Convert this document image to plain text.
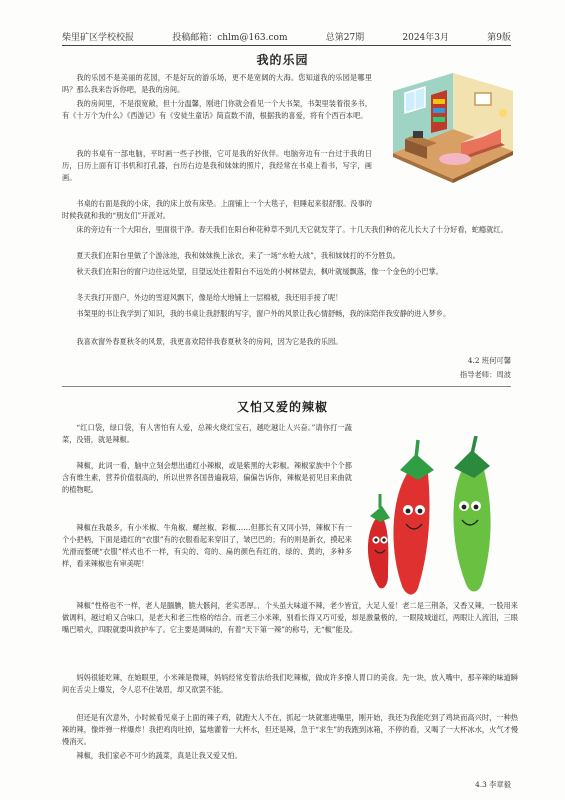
柴里矿区学校校报	投稿邮箱：chlm@163.com	总第27期	2024年3月	第9版
我的乐园
我的乐园不是美丽的花园，不是好玩的游乐场，更不是宽阔的大海。您知道我的乐园是哪里吗？那么我来告诉你吧，是我的房间。
我的房间里，不是很宽敞，但十分温馨，刚进门你就会看见一个大书架，书架里装着很多书，有《十万个为什么》《西游记》有《安徒生童话》简直数不清，根据我的喜爱，将有个西百本吧。
我的书桌有一部电脑，平时画一些子抄报，它可是我的好伙伴。电脑旁边有一台过于我的日历，日历上面有订书机和打孔器，台历右边是我和妹妹的照片，我经常在书桌上看书，写字，画画。
书桌的右面是我的小床，我的床上放有床垫。上面铺上一个大毯子，但睡起来很舒服。没事的时候我就和我的“朋友们”开派对。
床的旁边有一个大阳台，里面很干净。春天我们在阳台种花种草不到几天它就发芽了。十几天我们种的花儿长大了十分好看，蛇瘾就红。
夏天我们在阳台里做了个游泳池，我和妹妹换上泳衣，来了一场“水枪大战”，我和妹妹打的不分胜负。
秋天我们在阳台的窗户边往远处望，目望远处往着阳台不远处的小树林望去，枫叶就缓飘落，像一个金色的小巴掌。
冬天我打开窗户，外边的雪迎风飘下，像是给大地铺上一层棉被，我还用手接了呢！
书架里的书让我学到了知识，我的书桌让我舒服的写字，窗户外的风景让我心情舒畅，我的床陪伴我安静的进入梦乡。
我喜欢窗外春夏秋冬的风景，我更喜欢陪伴我春夏秋冬的房间，因为它是我的乐园。
4.2 班何可馨
指导老师：周波
又怕又爱的辣椒
“红口袋，绿口袋，有人害怕有人爱，总辣火烧红宝石，越吃越让人兴奋。”请你打一蔬菜，没错，就是辣椒。
辣椒，此词一看，脑中立刻会想出通红小辣椒，或是紫黑的大彩椒。辣椒家族中个个都含有维生素，营养价值很高的，所以世界各国普遍栽培，偏偏告诉你，辣椒是初见目来曲就的植物呢。
辣椒在我最多，有小米椒、牛角椒、螺丝椒、彩椒……但都长有又同小异，辣椒下有一个小把柄，下面是通红的“衣服”有的衣服看起来穿旧了，皱巴巴的；有的则是新衣，摸起来光滑而整硬“衣服”样式也不一样，有尖的、弯的、扁的颜色有红的、绿的、黄的，多种多样，看来辣椒也有审美呢！
辣椒”性格也不一样，老人是腼腆，脆大骸间，老实恶厚。．个头虽大味道不辣，老少皆宜，大足人爱！老二是三荆条，又香又辣，一股用来做调料，越过咱又合味口，是老大和老三性格的结合。而老三小米辣，别看长得又巧可爱，却是激量极的，一眼陵城道红，两眼让人流泪，三眼嘴巴喷火，四眼就要叫救护车了。它主要是调味的，有着“天下第一辣”的称号，无“椒”能及。
妈妈很能吃辣，在她眼里，小米辣是微辣，妈妈经常变着法给我们吃辣椒，做成许多撩人胃口的美食。先一块，放入嘴中，那辛辣的味道瞬间在舌尖上爆发，令人忍不住皱眉，却又欲罢不能。
但还是有次意外，小时候看见桌子上面的辣子鸡，就跑大人不在，抓起一块就塞进嘴里，刚开始，我还为我能吃到了鸡块而高兴时，一种热辣的辣，像炸弹一样爆炸！我把鸡肉吐掉，猛地灌着一大杯水，但还是辣，急于“求生”的我跑到冰箱，不停的看，又喝了一大杯冰水，火气才慢慢消灭。
辣椒，我们家必不可少的蔬菜，真是让我又爱又怕。
4.3 李章毅
